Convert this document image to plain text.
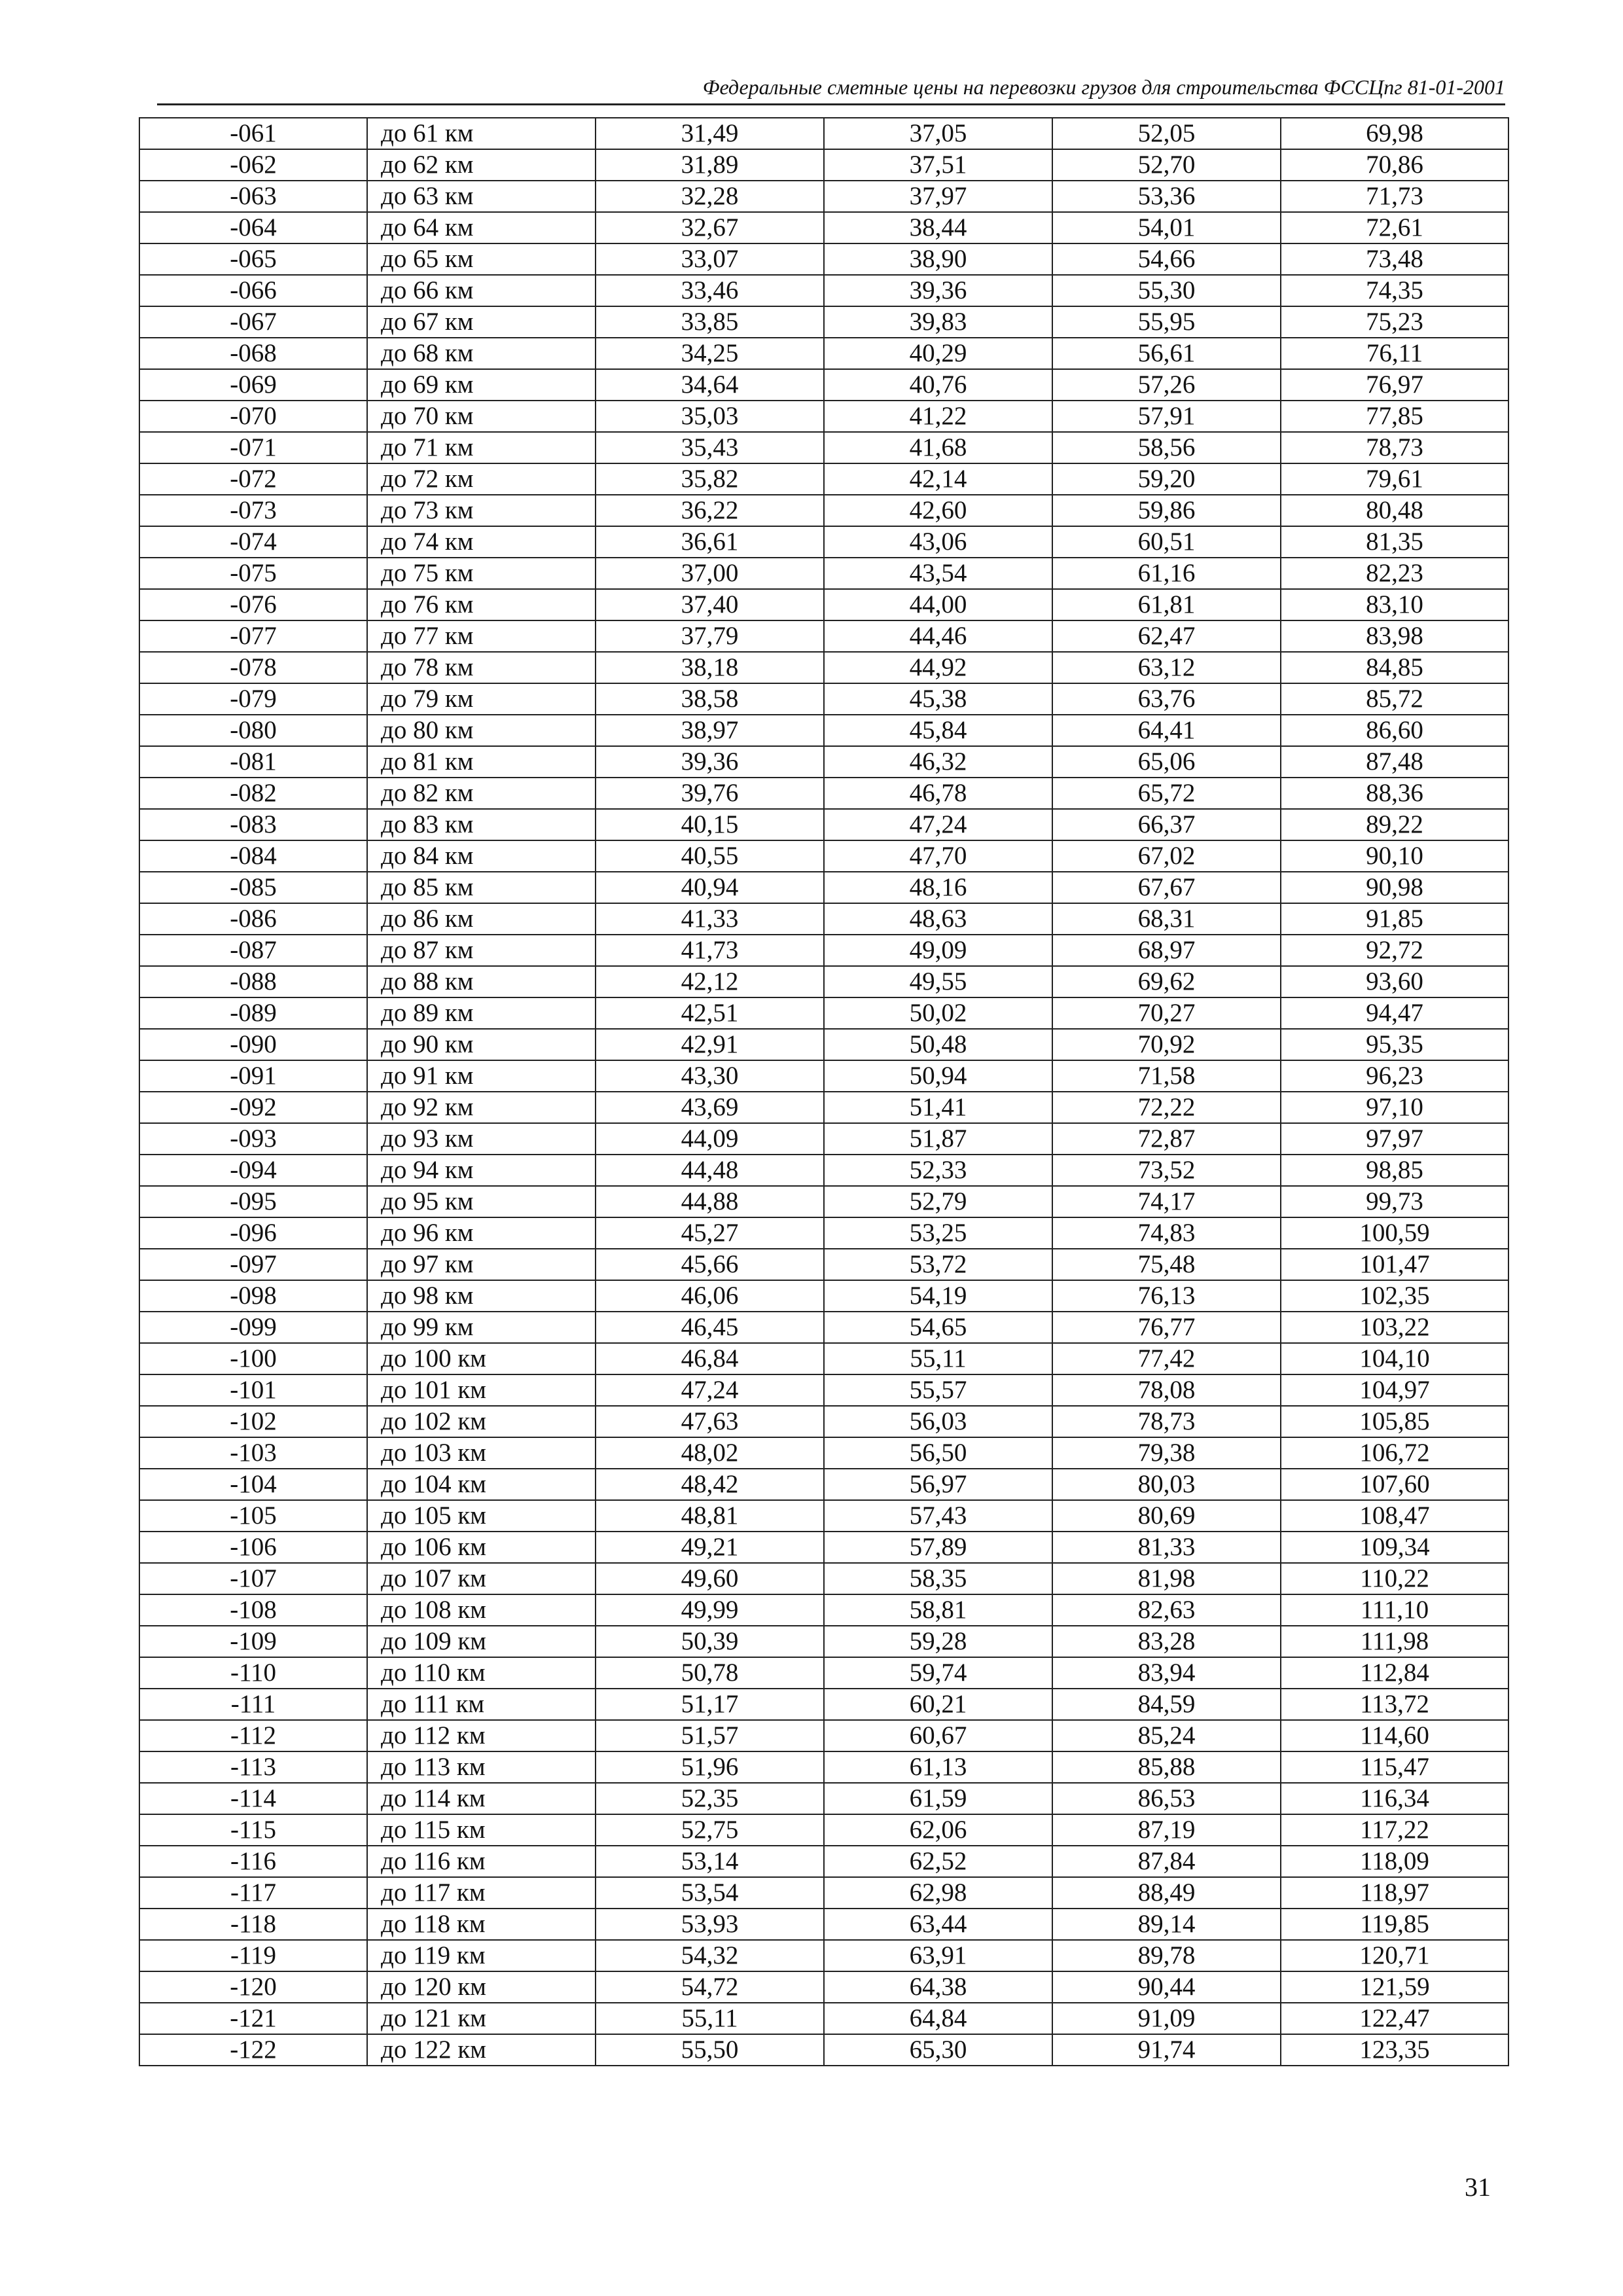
Федеральные сметные цены на перевозки грузов для строительства ФССЦпг 81-01-2001
-061	до 61 км	31,49	37,05	52,05	69,98
-062	до 62 км	31,89	37,51	52,70	70,86
-063	до 63 км	32,28	37,97	53,36	71,73
-064	до 64 км	32,67	38,44	54,01	72,61
-065	до 65 км	33,07	38,90	54,66	73,48
-066	до 66 км	33,46	39,36	55,30	74,35
-067	до 67 км	33,85	39,83	55,95	75,23
-068	до 68 км	34,25	40,29	56,61	76,11
-069	до 69 км	34,64	40,76	57,26	76,97
-070	до 70 км	35,03	41,22	57,91	77,85
-071	до 71 км	35,43	41,68	58,56	78,73
-072	до 72 км	35,82	42,14	59,20	79,61
-073	до 73 км	36,22	42,60	59,86	80,48
-074	до 74 км	36,61	43,06	60,51	81,35
-075	до 75 км	37,00	43,54	61,16	82,23
-076	до 76 км	37,40	44,00	61,81	83,10
-077	до 77 км	37,79	44,46	62,47	83,98
-078	до 78 км	38,18	44,92	63,12	84,85
-079	до 79 км	38,58	45,38	63,76	85,72
-080	до 80 км	38,97	45,84	64,41	86,60
-081	до 81 км	39,36	46,32	65,06	87,48
-082	до 82 км	39,76	46,78	65,72	88,36
-083	до 83 км	40,15	47,24	66,37	89,22
-084	до 84 км	40,55	47,70	67,02	90,10
-085	до 85 км	40,94	48,16	67,67	90,98
-086	до 86 км	41,33	48,63	68,31	91,85
-087	до 87 км	41,73	49,09	68,97	92,72
-088	до 88 км	42,12	49,55	69,62	93,60
-089	до 89 км	42,51	50,02	70,27	94,47
-090	до 90 км	42,91	50,48	70,92	95,35
-091	до 91 км	43,30	50,94	71,58	96,23
-092	до 92 км	43,69	51,41	72,22	97,10
-093	до 93 км	44,09	51,87	72,87	97,97
-094	до 94 км	44,48	52,33	73,52	98,85
-095	до 95 км	44,88	52,79	74,17	99,73
-096	до 96 км	45,27	53,25	74,83	100,59
-097	до 97 км	45,66	53,72	75,48	101,47
-098	до 98 км	46,06	54,19	76,13	102,35
-099	до 99 км	46,45	54,65	76,77	103,22
-100	до 100 км	46,84	55,11	77,42	104,10
-101	до 101 км	47,24	55,57	78,08	104,97
-102	до 102 км	47,63	56,03	78,73	105,85
-103	до 103 км	48,02	56,50	79,38	106,72
-104	до 104 км	48,42	56,97	80,03	107,60
-105	до 105 км	48,81	57,43	80,69	108,47
-106	до 106 км	49,21	57,89	81,33	109,34
-107	до 107 км	49,60	58,35	81,98	110,22
-108	до 108 км	49,99	58,81	82,63	111,10
-109	до 109 км	50,39	59,28	83,28	111,98
-110	до 110 км	50,78	59,74	83,94	112,84
-111	до 111 км	51,17	60,21	84,59	113,72
-112	до 112 км	51,57	60,67	85,24	114,60
-113	до 113 км	51,96	61,13	85,88	115,47
-114	до 114 км	52,35	61,59	86,53	116,34
-115	до 115 км	52,75	62,06	87,19	117,22
-116	до 116 км	53,14	62,52	87,84	118,09
-117	до 117 км	53,54	62,98	88,49	118,97
-118	до 118 км	53,93	63,44	89,14	119,85
-119	до 119 км	54,32	63,91	89,78	120,71
-120	до 120 км	54,72	64,38	90,44	121,59
-121	до 121 км	55,11	64,84	91,09	122,47
-122	до 122 км	55,50	65,30	91,74	123,35
31
